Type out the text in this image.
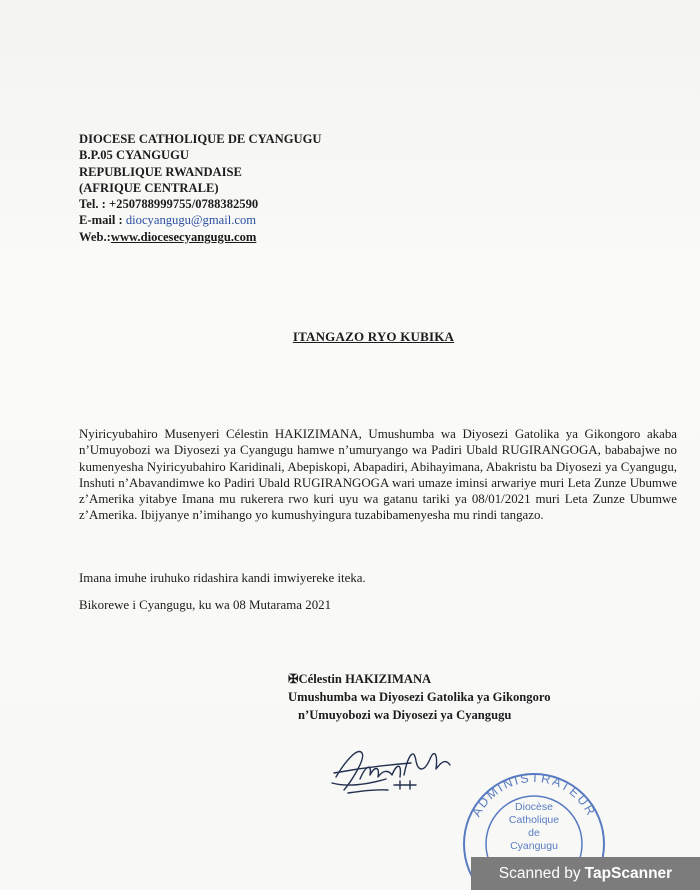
DIOCESE CATHOLIQUE DE CYANGUGU
B.P.05 CYANGUGU
REPUBLIQUE RWANDAISE
(AFRIQUE CENTRALE)
Tel. : +250788999755/0788382590
E-mail : diocyangugu@gmail.com
Web.:www.diocesecyangugu.com
ITANGAZO RYO KUBIKA

Nyiricyubahiro Musenyeri Célestin HAKIZIMANA, Umushumba wa Diyosezi Gatolika ya Gikongoro akaba n’Umuyobozi wa Diyosezi ya Cyangugu hamwe n’umuryango wa Padiri Ubald RUGIRANGOGA, bababajwe no kumenyesha Nyiricyubahiro Karidinali, Abepiskopi, Abapadiri, Abihayimana, Abakristu ba Diyosezi ya Cyangugu, Inshuti n’Abavandimwe ko Padiri Ubald RUGIRANGOGA wari umaze iminsi arwariye muri Leta Zunze Ubumwe z’Amerika yitabye Imana mu rukerera rwo kuri uyu wa gatanu tariki ya 08/01/2021 muri Leta Zunze Ubumwe z’Amerika. Ibijyanye n’imihango yo kumushyingura tuzabibamenyesha mu rindi tangazo.

Imana imuhe iruhuko ridashira kandi imwiyereke iteka.
Bikorewe i Cyangugu, ku wa 08 Mutarama 2021
✠Célestin HAKIZIMANA
Umushumba wa Diyosezi Gatolika ya Gikongoro
n’Umuyobozi wa Diyosezi ya Cyangugu
ADMINISTRATEUR
Diocèse
Catholique
de
Cyangugu
Scanned by TapScanner
